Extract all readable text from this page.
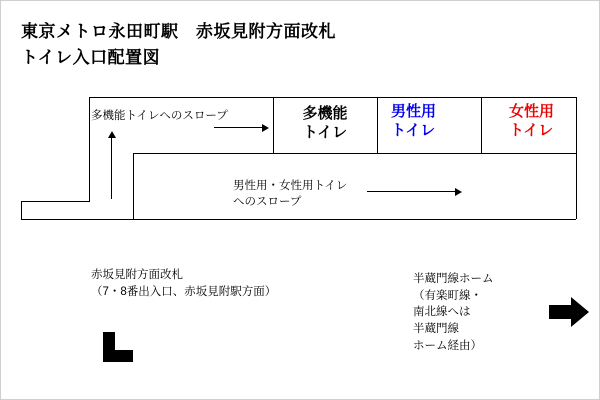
東京メトロ永田町駅　赤坂見附方面改札
トイレ入口配置図
多機能
トイレ
男性用
トイレ
女性用
トイレ
多機能トイレへのスロープ
男性用・女性用トイレ
へのスロープ
赤坂見附方面改札
（7・8番出入口、赤坂見附駅方面）
半蔵門線ホーム
（有楽町線・
南北線へは
半蔵門線
ホーム経由）
